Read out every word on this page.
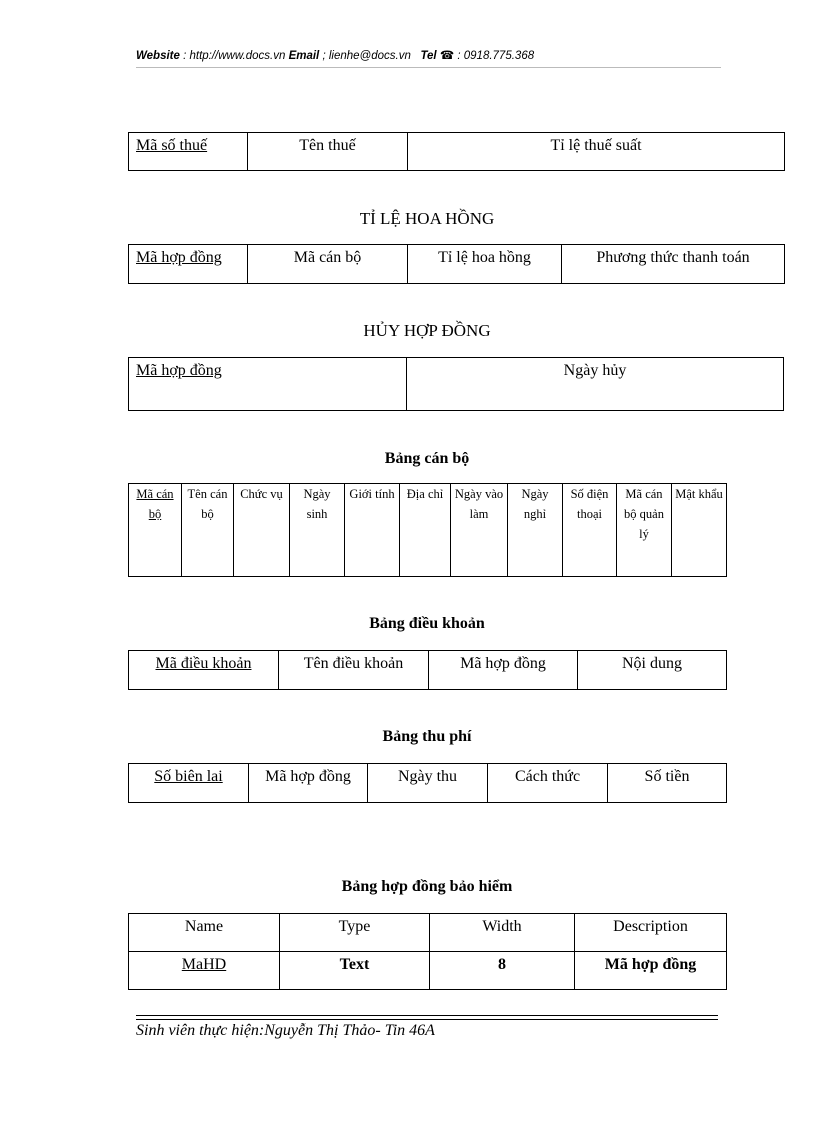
Website : http://www.docs.vn Email ; lienhe@docs.vn Tel ☎ : 0918.775.368
Mã số thuế	Tên thuế	Tỉ lệ thuế suất
TỈ LỆ HOA HỒNG
Mã hợp đồng	Mã cán bộ	Tỉ lệ hoa hồng	Phương thức thanh toán
HỦY HỢP ĐỒNG
Mã hợp đồng	Ngày hủy
Bảng cán bộ
Mã cán bộ	Tên cán bộ	Chức vụ	Ngày sinh	Giới tính	Địa chỉ	Ngày vào làm	Ngày nghỉ	Số điện thoại	Mã cán bộ quản lý	Mật khẩu
Bảng điều khoản
Mã điều khoản	Tên điều khoản	Mã hợp đồng	Nội dung
Bảng thu phí
Số biên lai	Mã hợp đồng	Ngày thu	Cách thức	Số tiền
Bảng hợp đồng bảo hiểm
Name	Type	Width	Description
MaHD	Text	8	Mã hợp đồng
Sinh viên thực hiện:Nguyễn Thị Thảo- Tin 46A
